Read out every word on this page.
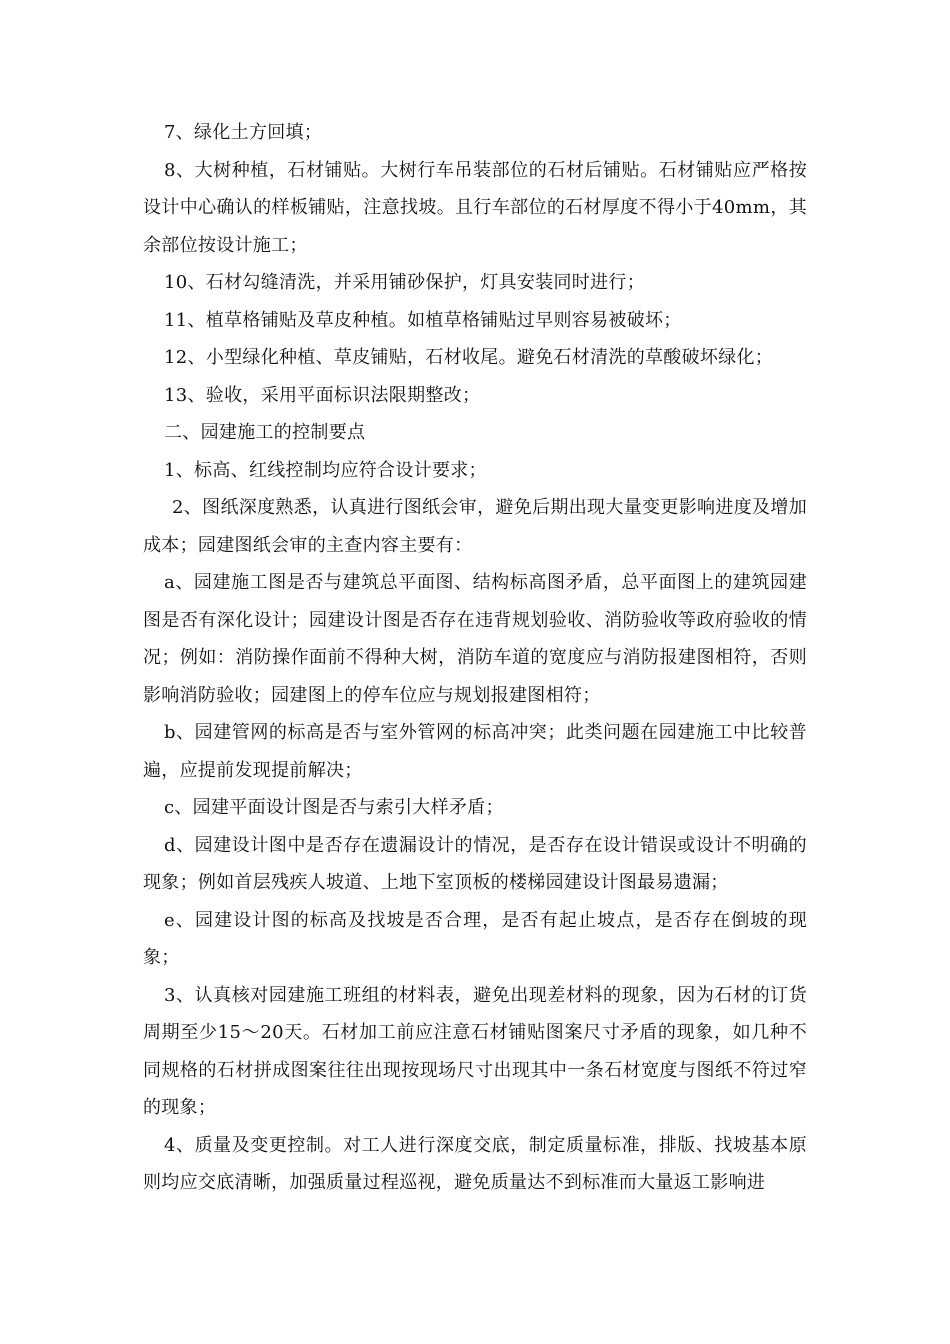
7、绿化土方回填；

8、大树种植，石材铺贴。大树行车吊装部位的石材后铺贴。石材铺贴应严格按设计中心确认的样板铺贴，注意找坡。且行车部位的石材厚度不得小于40mm，其余部位按设计施工；

10、石材勾缝清洗，并采用铺砂保护，灯具安装同时进行；

11、植草格铺贴及草皮种植。如植草格铺贴过早则容易被破坏；

12、小型绿化种植、草皮铺贴，石材收尾。避免石材清洗的草酸破坏绿化；

13、验收，采用平面标识法限期整改；

二、园建施工的控制要点

1、标高、红线控制均应符合设计要求；

2、图纸深度熟悉，认真进行图纸会审，避免后期出现大量变更影响进度及增加成本；园建图纸会审的主查内容主要有：

a、园建施工图是否与建筑总平面图、结构标高图矛盾，总平面图上的建筑园建图是否有深化设计；园建设计图是否存在违背规划验收、消防验收等政府验收的情况；例如：消防操作面前不得种大树，消防车道的宽度应与消防报建图相符，否则影响消防验收；园建图上的停车位应与规划报建图相符；

b、园建管网的标高是否与室外管网的标高冲突；此类问题在园建施工中比较普遍，应提前发现提前解决；

c、园建平面设计图是否与索引大样矛盾；

d、园建设计图中是否存在遗漏设计的情况，是否存在设计错误或设计不明确的现象；例如首层残疾人坡道、上地下室顶板的楼梯园建设计图最易遗漏；

e、园建设计图的标高及找坡是否合理，是否有起止坡点，是否存在倒坡的现象；

3、认真核对园建施工班组的材料表，避免出现差材料的现象，因为石材的订货周期至少15～20天。石材加工前应注意石材铺贴图案尺寸矛盾的现象，如几种不同规格的石材拼成图案往往出现按现场尺寸出现其中一条石材宽度与图纸不符过窄的现象；

4、质量及变更控制。对工人进行深度交底，制定质量标准，排版、找坡基本原则均应交底清晰，加强质量过程巡视，避免质量达不到标准而大量返工影响进
